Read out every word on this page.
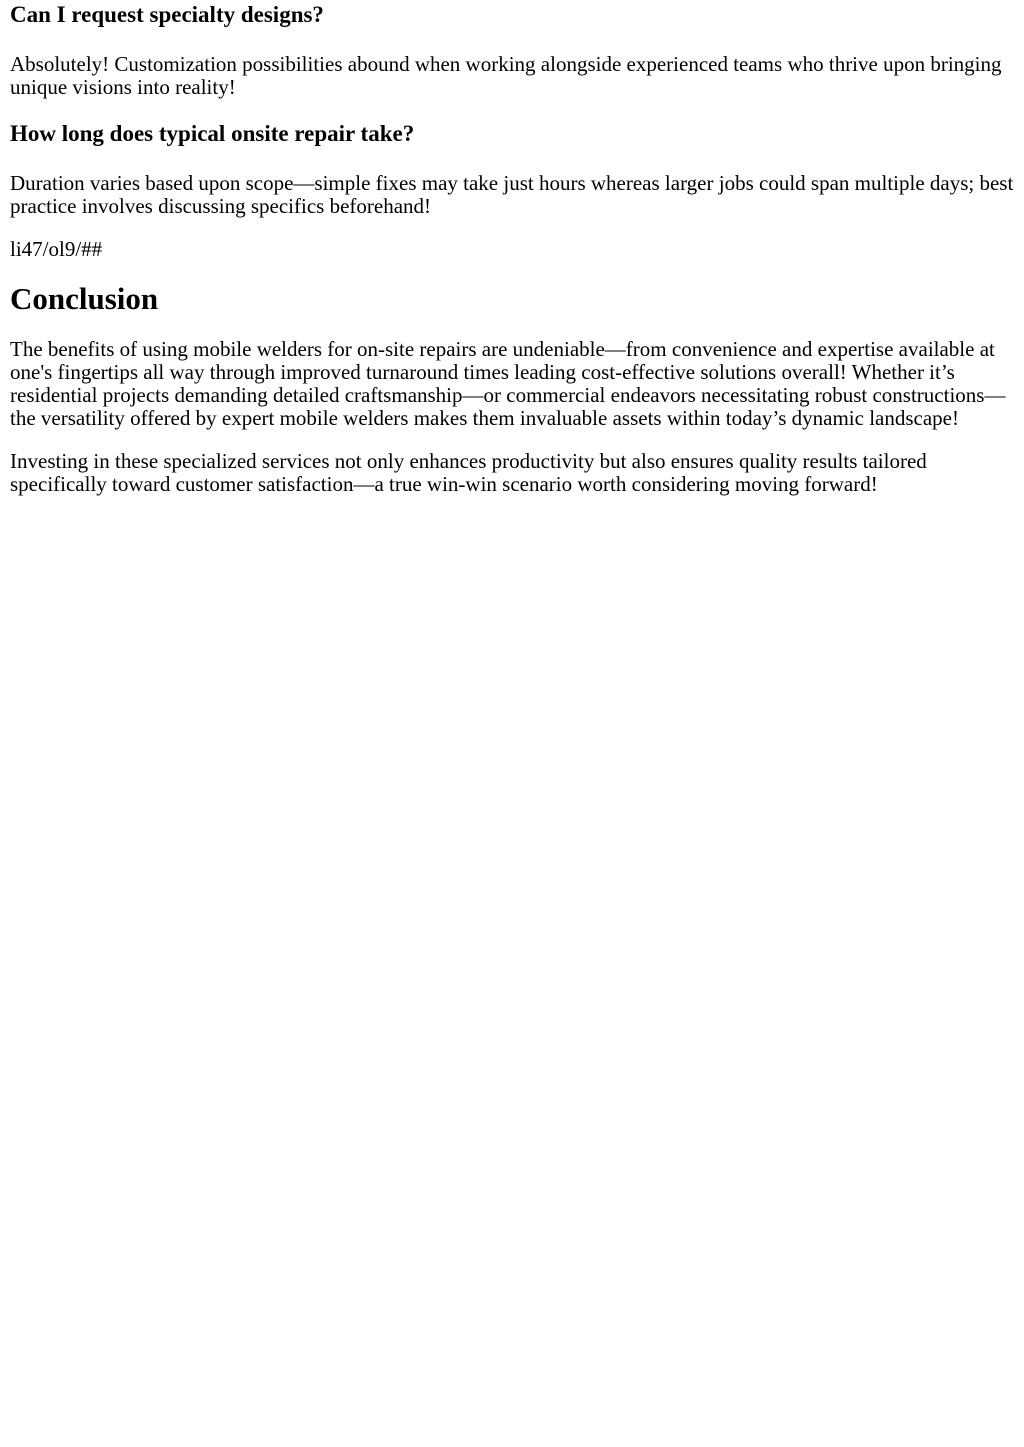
Can I request specialty designs?

Absolutely! Customization possibilities abound when working alongside experienced teams who thrive upon bringing unique visions into reality!

How long does typical onsite repair take?

Duration varies based upon scope—simple fixes may take just hours whereas larger jobs could span multiple days; best practice involves discussing specifics beforehand!

li47/ol9/##

Conclusion

The benefits of using mobile welders for on-site repairs are undeniable—from convenience and expertise available at one's fingertips all way through improved turnaround times leading cost-effective solutions overall! Whether it’s residential projects demanding detailed craftsmanship—or commercial endeavors necessitating robust constructions—the versatility offered by expert mobile welders makes them invaluable assets within today’s dynamic landscape!

Investing in these specialized services not only enhances productivity but also ensures quality results tailored specifically toward customer satisfaction—a true win-win scenario worth considering moving forward!
